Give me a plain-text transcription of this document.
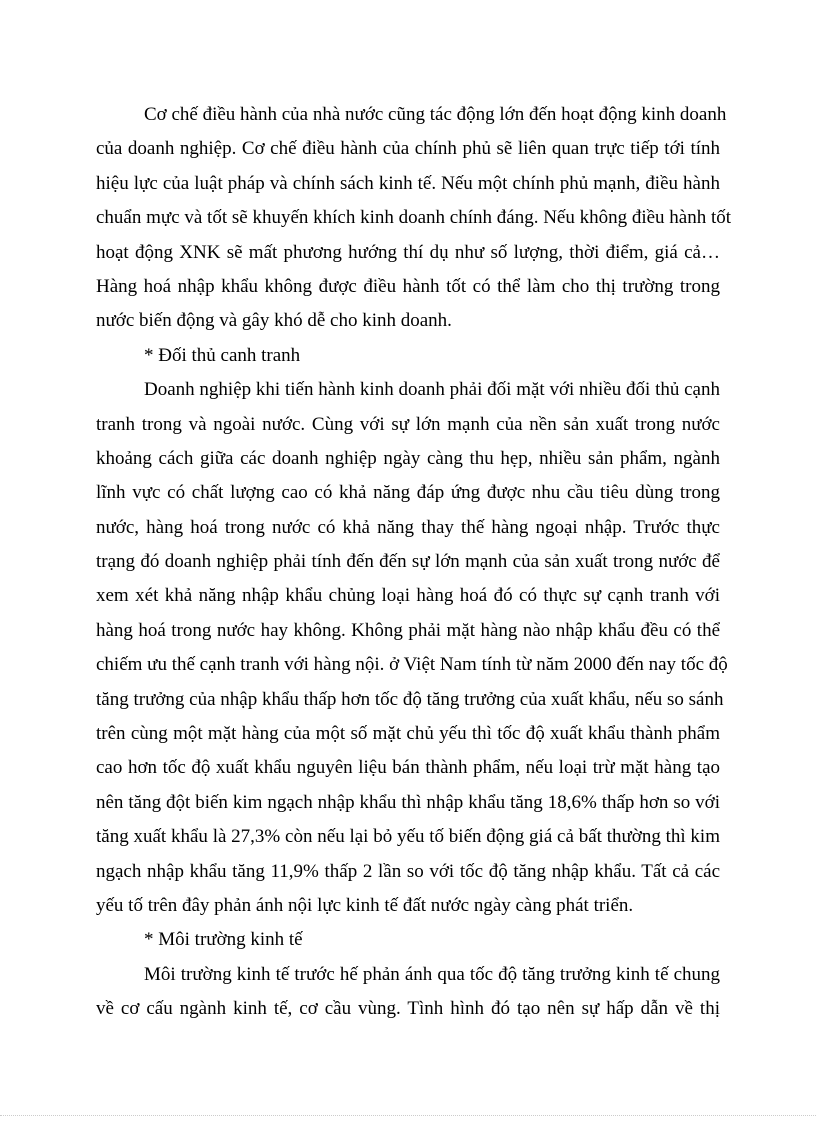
Cơ chế điều hành của nhà nước cũng tác động lớn đến hoạt động kinh doanh
của doanh nghiệp. Cơ chế điều hành của chính phủ sẽ liên quan trực tiếp tới tính
hiệu lực của luật pháp và chính sách kinh tế. Nếu một chính phủ mạnh, điều hành
chuẩn mực và tốt sẽ khuyến khích kinh doanh chính đáng. Nếu không điều hành tốt
hoạt động XNK sẽ mất phương hướng thí dụ như số lượng, thời điểm, giá cả…
Hàng hoá nhập khẩu không được điều hành tốt có thể làm cho thị trường trong
nước biến động và gây khó dễ cho kinh doanh.
* Đối thủ canh tranh
Doanh nghiệp khi tiến hành kinh doanh phải đối mặt với nhiều đối thủ cạnh
tranh trong và ngoài nước. Cùng với sự lớn mạnh của nền sản xuất trong nước
khoảng cách giữa các doanh nghiệp ngày càng thu hẹp, nhiều sản phẩm, ngành
lĩnh vực có chất lượng cao có khả năng đáp ứng được nhu cầu tiêu dùng trong
nước, hàng hoá trong nước có khả năng thay thế hàng ngoại nhập. Trước thực
trạng đó doanh nghiệp phải tính đến đến sự lớn mạnh của sản xuất trong nước để
xem xét khả năng nhập khẩu chủng loại hàng hoá đó có thực sự cạnh tranh với
hàng hoá trong nước hay không. Không phải mặt hàng nào nhập khẩu đều có thể
chiếm ưu thế cạnh tranh với hàng nội. ở Việt Nam tính từ năm 2000 đến nay tốc độ
tăng trưởng của nhập khẩu thấp hơn tốc độ tăng trưởng của xuất khẩu, nếu so sánh
trên cùng một mặt hàng của một số mặt chủ yếu thì tốc độ xuất khẩu thành phẩm
cao hơn tốc độ xuất khẩu nguyên liệu bán thành phẩm, nếu loại trừ mặt hàng tạo
nên tăng đột biến kim ngạch nhập khẩu thì nhập khẩu tăng 18,6% thấp hơn so với
tăng xuất khẩu là 27,3% còn nếu lại bỏ yếu tố biến động giá cả bất thường thì kim
ngạch nhập khẩu tăng 11,9% thấp 2 lần so với tốc độ tăng nhập khẩu. Tất cả các
yếu tố trên đây phản ánh nội lực kinh tế đất nước ngày càng phát triển.
* Môi trường kinh tế
Môi trường kinh tế trước hế phản ánh qua tốc độ tăng trưởng kinh tế chung
về cơ cấu ngành kinh tế, cơ cầu vùng. Tình hình đó tạo nên sự hấp dẫn về thị
